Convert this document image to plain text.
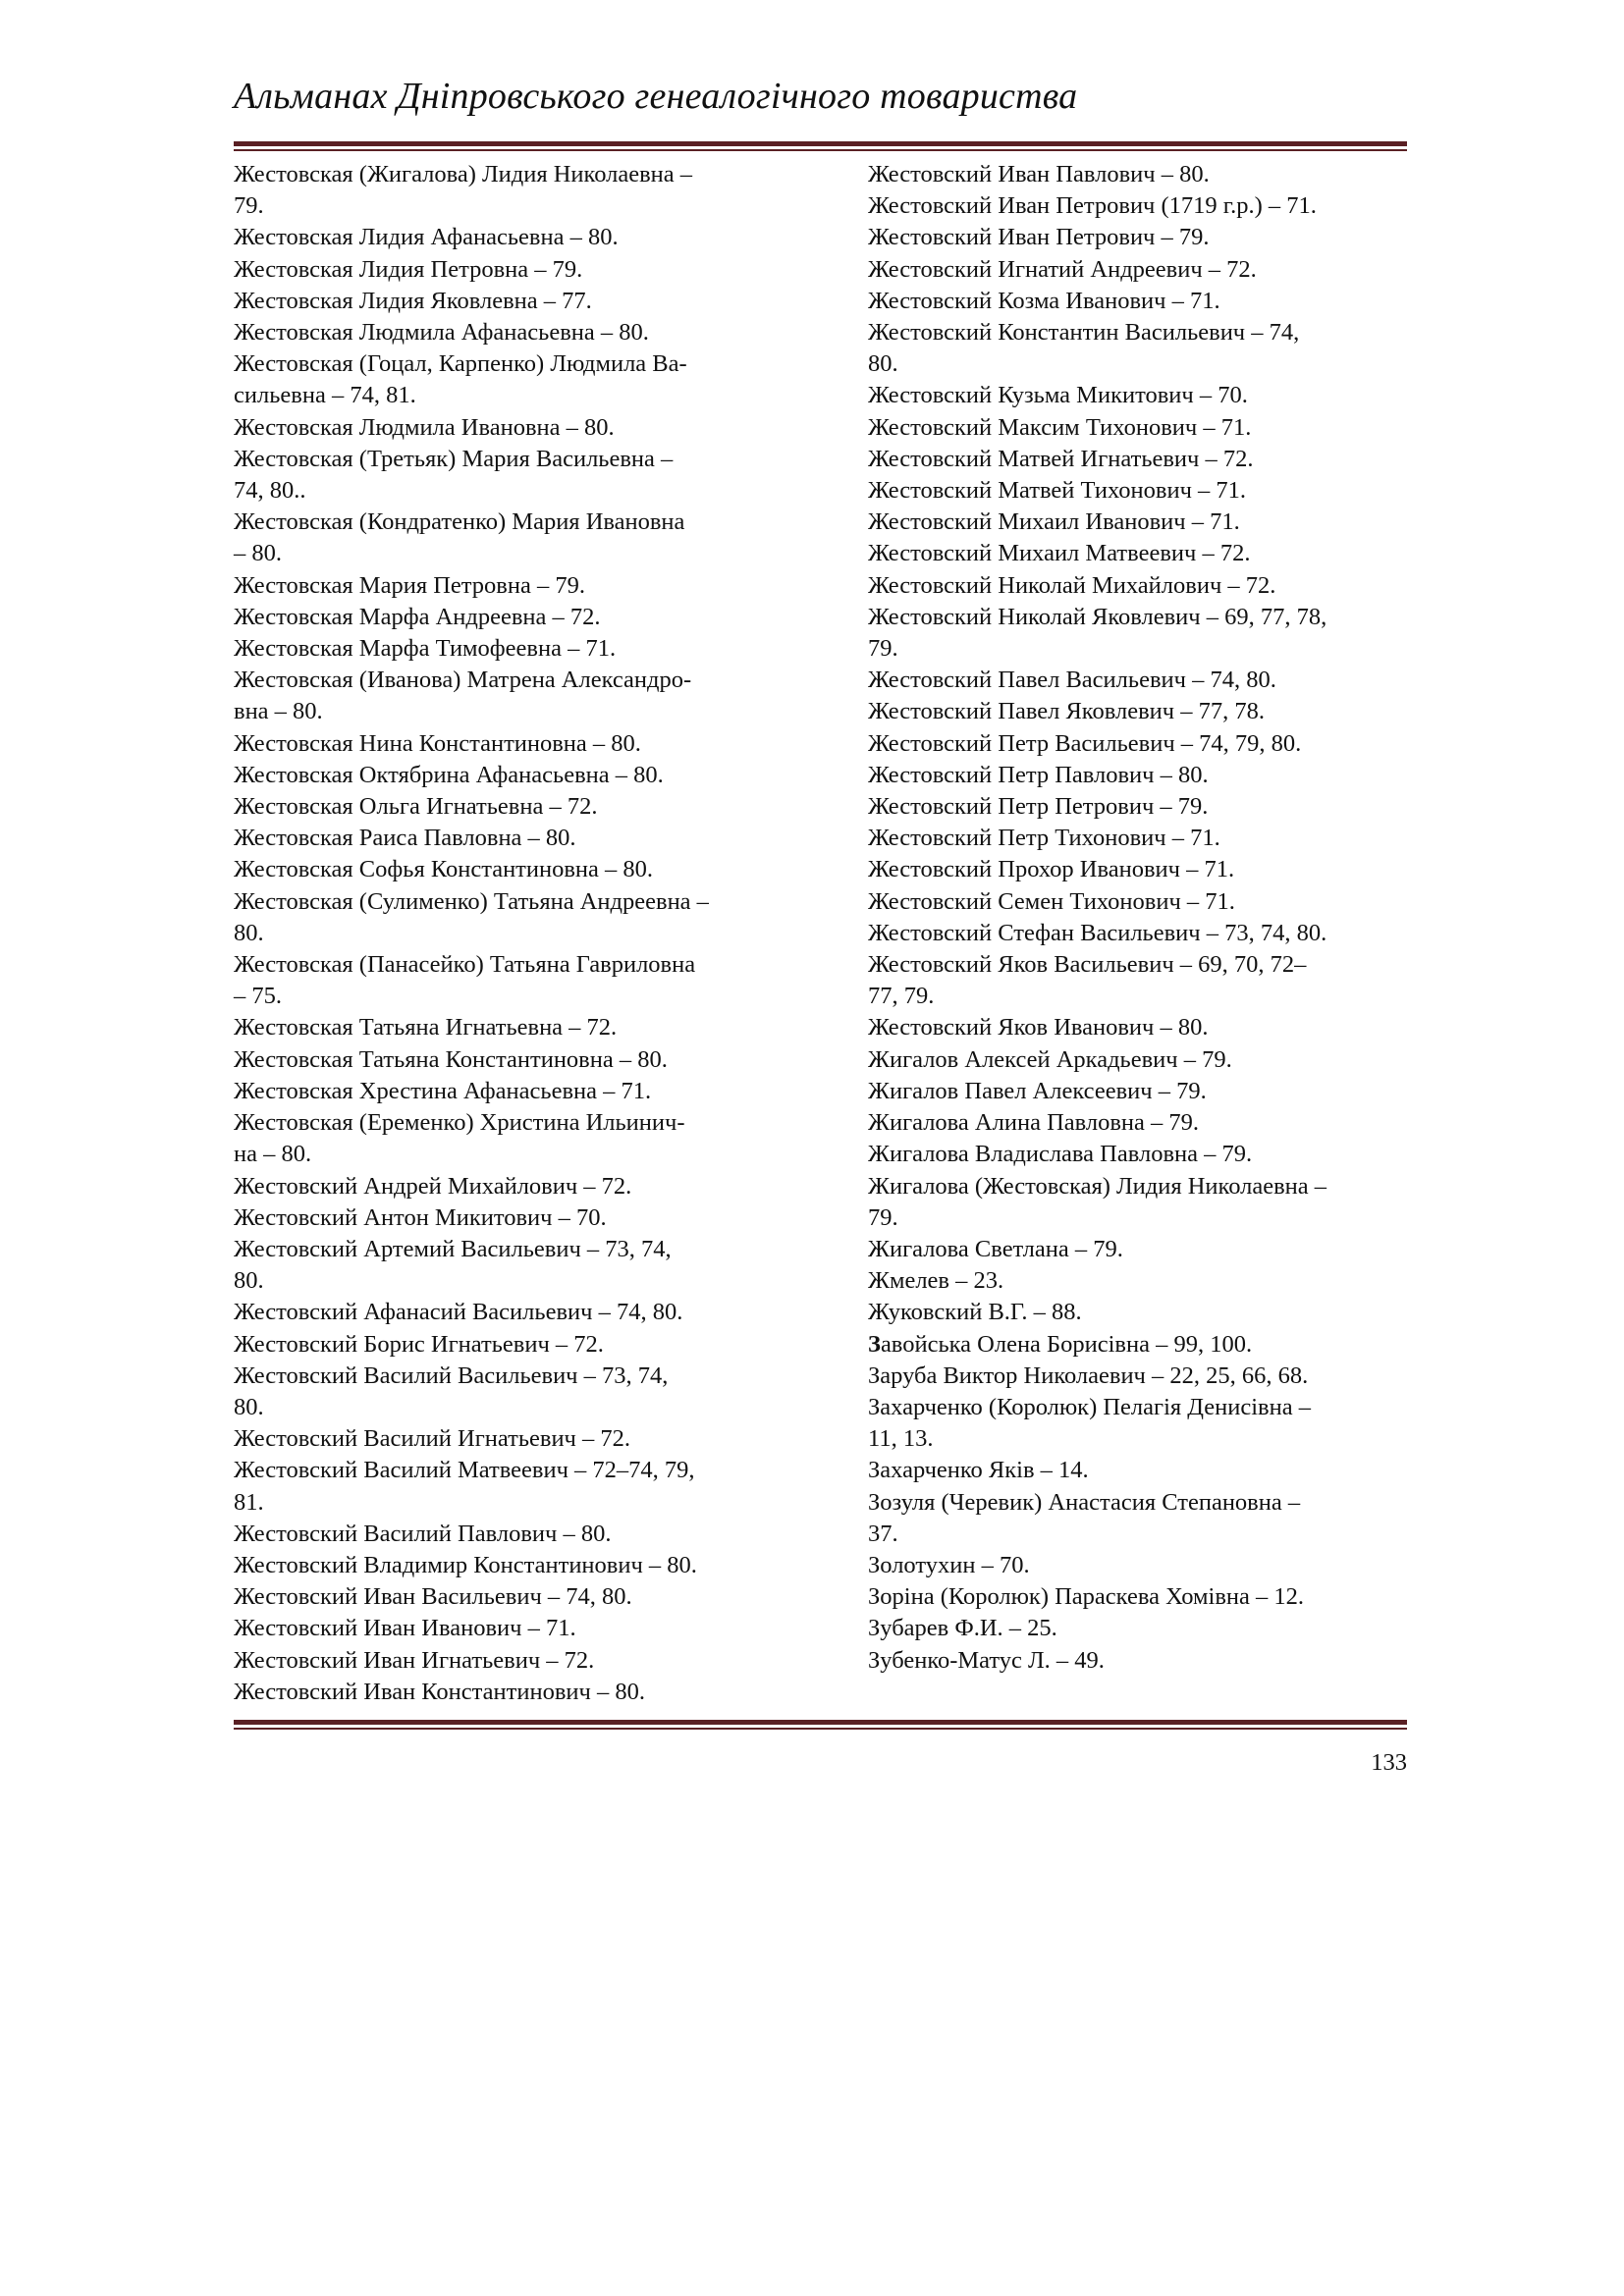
Альманах Дніпровського генеалогічного товариства
Жестовская (Жигалова) Лидия Николаевна –
79.
Жестовская Лидия Афанасьевна – 80.
Жестовская Лидия Петровна – 79.
Жестовская Лидия Яковлевна – 77.
Жестовская Людмила Афанасьевна – 80.
Жестовская (Гоцал, Карпенко) Людмила Ва-
сильевна – 74, 81.
Жестовская Людмила Ивановна – 80.
Жестовская (Третьяк) Мария Васильевна –
74, 80..
Жестовская (Кондратенко) Мария Ивановна
– 80.
Жестовская Мария Петровна – 79.
Жестовская Марфа Андреевна – 72.
Жестовская Марфа Тимофеевна – 71.
Жестовская (Иванова) Матрена Александро-
вна – 80.
Жестовская Нина Константиновна – 80.
Жестовская Октябрина Афанасьевна – 80.
Жестовская Ольга Игнатьевна – 72.
Жестовская Раиса Павловна – 80.
Жестовская Софья Константиновна – 80.
Жестовская (Сулименко) Татьяна Андреевна –
80.
Жестовская (Панасейко) Татьяна Гавриловна
– 75.
Жестовская Татьяна Игнатьевна – 72.
Жестовская Татьяна Константиновна – 80.
Жестовская Хрестина Афанасьевна – 71.
Жестовская (Еременко) Христина Ильинич-
на – 80.
Жестовский Андрей Михайлович – 72.
Жестовский Антон Микитович – 70.
Жестовский Артемий Васильевич – 73, 74,
80.
Жестовский Афанасий Васильевич – 74, 80.
Жестовский Борис Игнатьевич – 72.
Жестовский Василий Васильевич – 73, 74,
80.
Жестовский Василий Игнатьевич – 72.
Жестовский Василий Матвеевич – 72–74, 79,
81.
Жестовский Василий Павлович – 80.
Жестовский Владимир Константинович – 80.
Жестовский Иван Васильевич – 74, 80.
Жестовский Иван Иванович – 71.
Жестовский Иван Игнатьевич – 72.
Жестовский Иван Константинович – 80.
Жестовский Иван Павлович – 80.
Жестовский Иван Петрович (1719 г.р.) – 71.
Жестовский Иван Петрович – 79.
Жестовский Игнатий Андреевич – 72.
Жестовский Козма Иванович – 71.
Жестовский Константин Васильевич – 74,
80.
Жестовский Кузьма Микитович – 70.
Жестовский Максим Тихонович – 71.
Жестовский Матвей Игнатьевич – 72.
Жестовский Матвей Тихонович – 71.
Жестовский Михаил Иванович – 71.
Жестовский Михаил Матвеевич – 72.
Жестовский Николай Михайлович – 72.
Жестовский Николай Яковлевич – 69, 77, 78,
79.
Жестовский Павел Васильевич – 74, 80.
Жестовский Павел Яковлевич – 77, 78.
Жестовский Петр Васильевич – 74, 79, 80.
Жестовский Петр Павлович – 80.
Жестовский Петр Петрович – 79.
Жестовский Петр Тихонович – 71.
Жестовский Прохор Иванович – 71.
Жестовский Семен Тихонович – 71.
Жестовский Стефан Васильевич – 73, 74, 80.
Жестовский Яков Васильевич – 69, 70, 72–
77, 79.
Жестовский Яков Иванович – 80.
Жигалов Алексей Аркадьевич – 79.
Жигалов Павел Алексеевич – 79.
Жигалова Алина Павловна – 79.
Жигалова Владислава Павловна – 79.
Жигалова (Жестовская) Лидия Николаевна –
79.
Жигалова Светлана – 79.
Жмелев – 23.
Жуковский В.Г. – 88.
Завойська Олена Борисівна – 99, 100.
Заруба Виктор Николаевич – 22, 25, 66, 68.
Захарченко (Королюк) Пелагія Денисівна –
11, 13.
Захарченко Яків – 14.
Зозуля (Черевик) Анастасия Степановна –
37.
Золотухин – 70.
Зоріна (Королюк) Параскева Хомівна – 12.
Зубарев Ф.И. – 25.
Зубенко-Матус Л. – 49.
133
